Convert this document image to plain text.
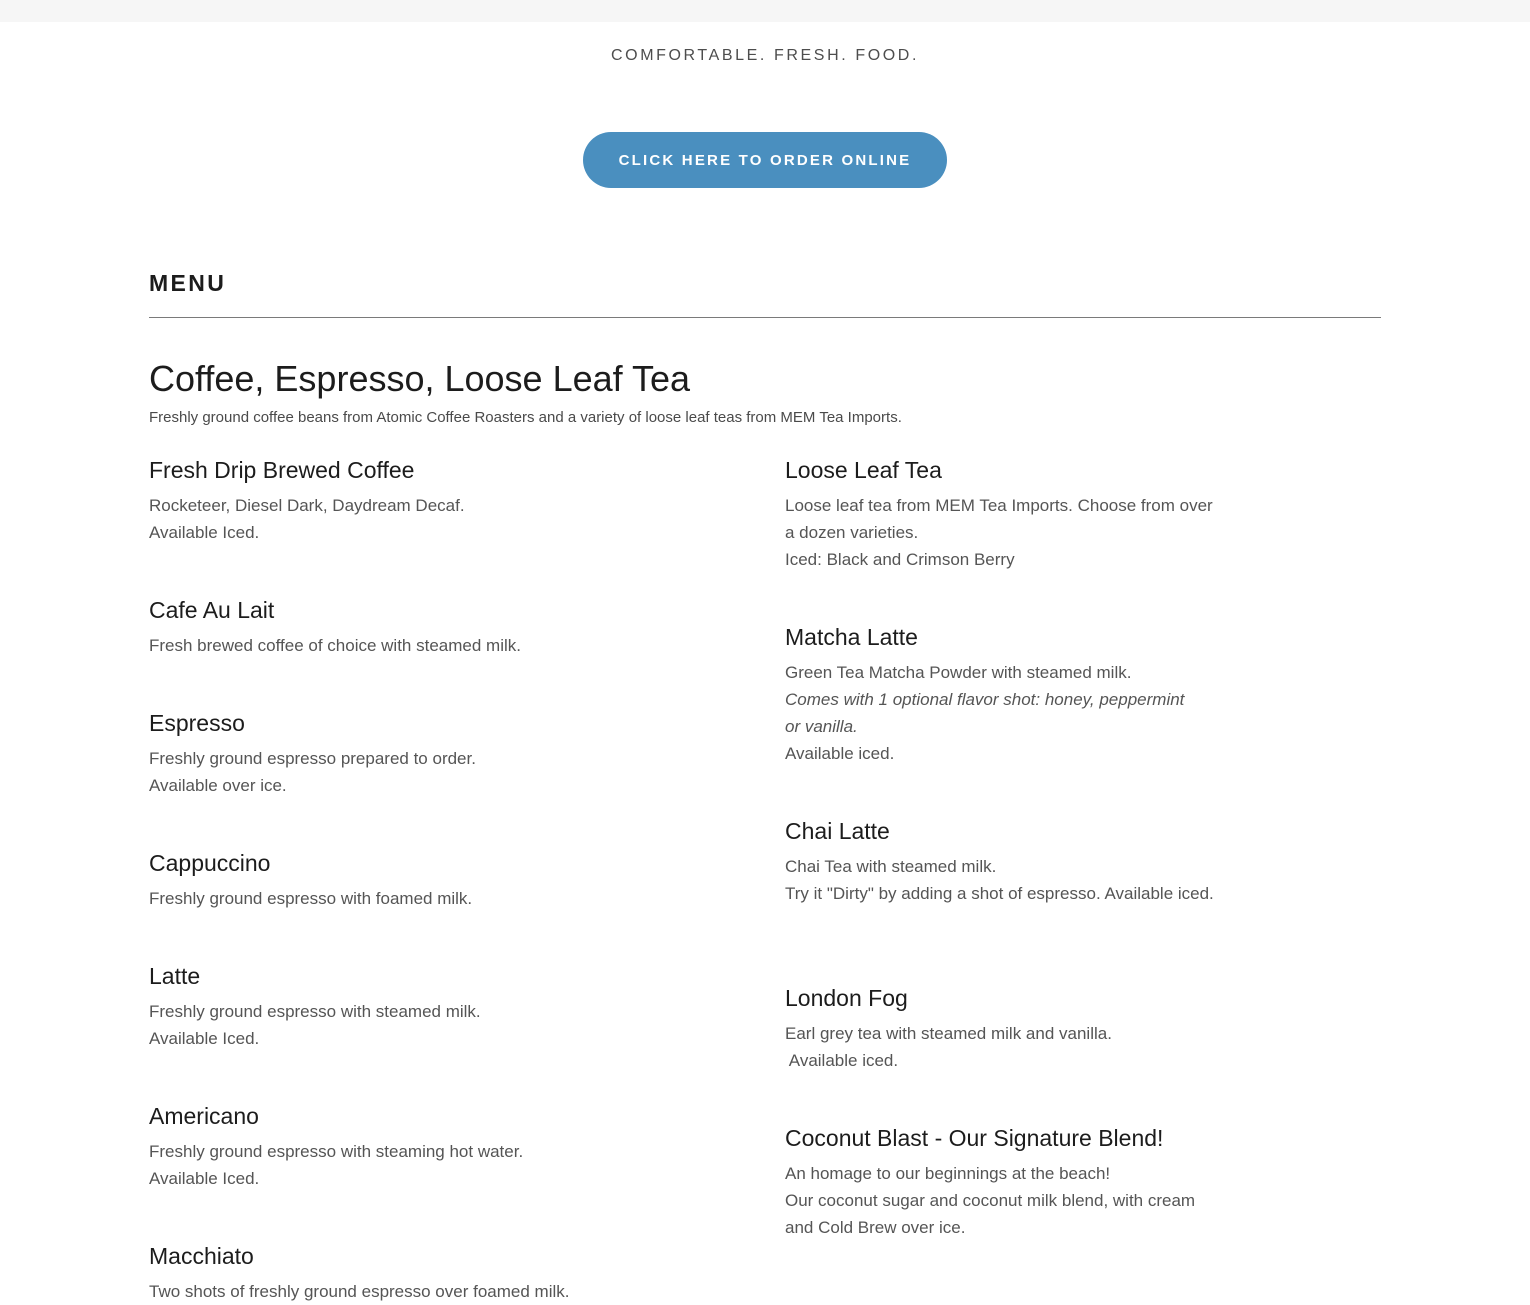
COMFORTABLE. FRESH. FOOD.
CLICK HERE TO ORDER ONLINE
MENU
Coffee, Espresso, Loose Leaf Tea
Freshly ground coffee beans from Atomic Coffee Roasters and a variety of loose leaf teas from MEM Tea Imports.
Fresh Drip Brewed Coffee
Rocketeer, Diesel Dark, Daydream Decaf.
Available Iced.
Cafe Au Lait
Fresh brewed coffee of choice with steamed milk.
Espresso
Freshly ground espresso prepared to order.
Available over ice.
Cappuccino
Freshly ground espresso with foamed milk.
Latte
Freshly ground espresso with steamed milk.
Available Iced.
Americano
Freshly ground espresso with steaming hot water.
Available Iced.
Macchiato
Two shots of freshly ground espresso over foamed milk.
Loose Leaf Tea
Loose leaf tea from MEM Tea Imports. Choose from over
a dozen varieties.
Iced: Black and Crimson Berry
Matcha Latte
Green Tea Matcha Powder with steamed milk.
Comes with 1 optional flavor shot: honey, peppermint
or vanilla.
Available iced.
Chai Latte
Chai Tea with steamed milk.
Try it "Dirty" by adding a shot of espresso. Available iced.
London Fog
Earl grey tea with steamed milk and vanilla.
Available iced.
Coconut Blast - Our Signature Blend!
An homage to our beginnings at the beach!
Our coconut sugar and coconut milk blend, with cream
and Cold Brew over ice.
